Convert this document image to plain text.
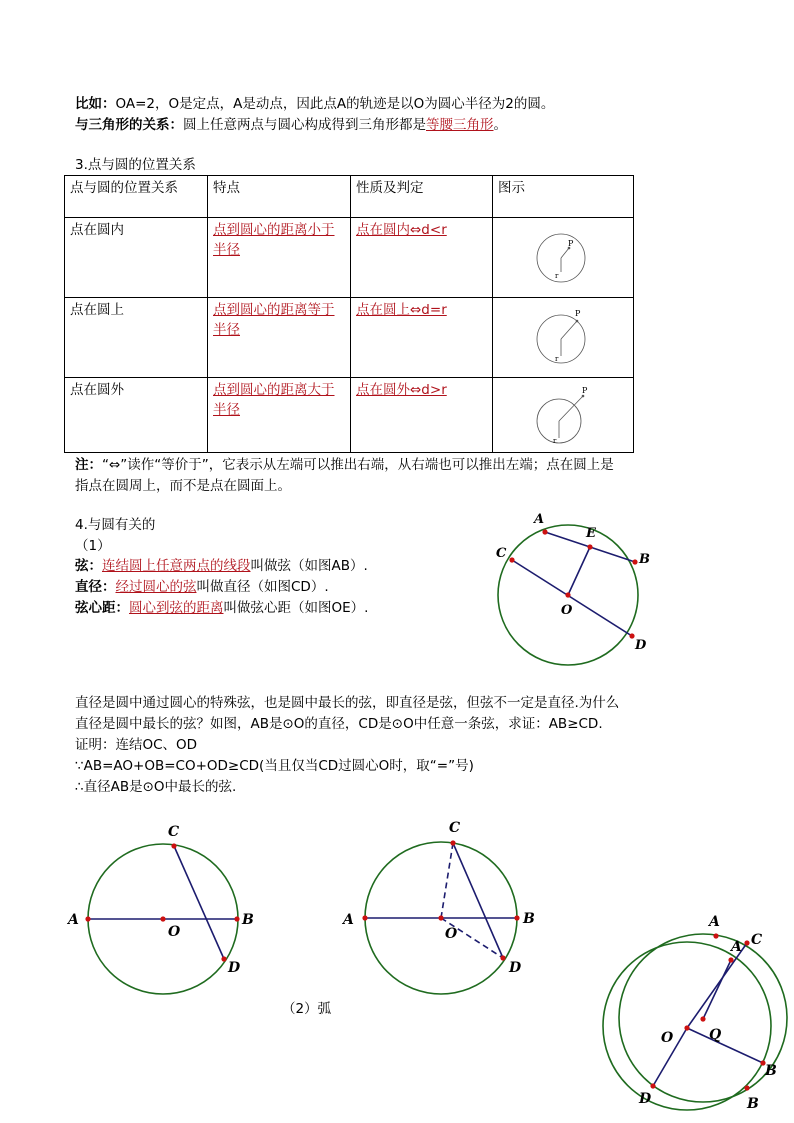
比如：OA=2，O是定点，A是动点，因此点A的轨迹是以O为圆心半径为2的圆。
与三角形的关系：圆上任意两点与圆心构成得到三角形都是等腰三角形。
3.点与圆的位置关系
点与圆的位置关系	特点	性质及判定	图示
点在圆内	点到圆心的距离小于半径	点在圆内⇔d<r	P
r

点在圆上	点到圆心的距离等于半径	点在圆上⇔d=r	P
r

点在圆外	点到圆心的距离大于半径	点在圆外⇔d>r	P
r
注：“⇔”读作“等价于”，它表示从左端可以推出右端，从右端也可以推出左端；点在圆上是
指点在圆周上，而不是点在圆面上。
4.与圆有关的
（1）
弦：连结圆上任意两点的线段叫做弦（如图AB）.
直径：经过圆心的弦叫做直径（如图CD）.
弦心距：圆心到弦的距离叫做弦心距（如图OE）.
A
B
C
D
E
O
直径是圆中通过圆心的特殊弦，也是圆中最长的弦，即直径是弦，但弦不一定是直径.为什么
直径是圆中最长的弦？如图，AB是⊙O的直径，CD是⊙O中任意一条弦，求证：AB≥CD.
证明：连结OC、OD
∵AB=AO+OB=CO+OD≥CD(当且仅当CD过圆心O时，取“=”号)
∴直径AB是⊙O中最长的弦.
A	B
C
D
O
A	B
C
D
O
（2）弧
A
A C
B
B
D
O	Q
